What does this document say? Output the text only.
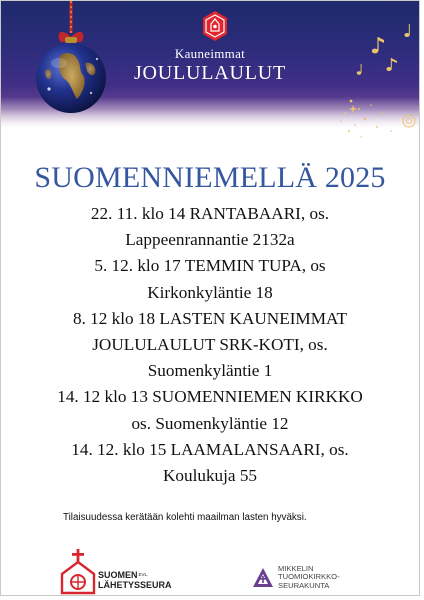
Kauneimmat
JOULULAULUT
SUOMENNIEMELLÄ 2025
22. 11. klo 14 RANTABAARI, os.
Lappeenrannantie 2132a
5. 12. klo 17 TEMMIN TUPA, os
Kirkonkyläntie 18
8. 12 klo 18 LASTEN KAUNEIMMAT
JOULULAULUT SRK-KOTI, os.
Suomenkyläntie 1
14. 12 klo 13 SUOMENNIEMEN KIRKKO
os. Suomenkyläntie 12
14. 12. klo 15 LAAMALANSAARI, os.
Koulukuja 55
Tilaisuudessa kerätään kolehti maailman lasten hyväksi.
$SUOMEN^{EVL.}$
LÄHETYSSEURA
MIKKELIN
TUOMIOKIRKKO-
SEURAKUNTA
